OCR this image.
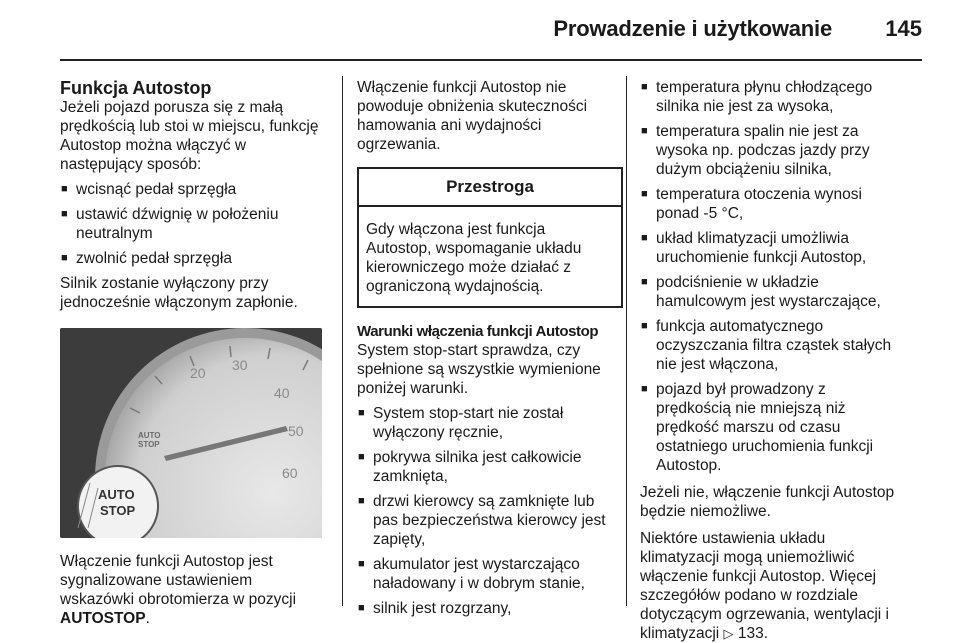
Prowadzenie i użytkowanie 145
Funkcja Autostop
Jeżeli pojazd porusza się z małą
prędkością lub stoi w miejscu, funkcję
Autostop można włączyć w
następujący sposób:
■ wcisnąć pedał sprzęgła
■ ustawić dźwignię w położeniu
neutralnym
■ zwolnić pedał sprzęgła
Silnik zostanie wyłączony przy
jednocześnie włączonym zapłonie.
20 30
40
50
60
AUTO
STOP
AUTO
STOP
Włączenie funkcji Autostop jest
sygnalizowane ustawieniem
wskazówki obrotomierza w pozycji
AUTOSTOP.
Włączenie funkcji Autostop nie
powoduje obniżenia skuteczności
hamowania ani wydajności
ogrzewania.
Przestroga
Gdy włączona jest funkcja
Autostop, wspomaganie układu
kierowniczego może działać z
ograniczoną wydajnością.
Warunki włączenia funkcji Autostop
System stop-start sprawdza, czy
spełnione są wszystkie wymienione
poniżej warunki.
■ System stop-start nie został
wyłączony ręcznie,
■ pokrywa silnika jest całkowicie
zamknięta,
■ drzwi kierowcy są zamknięte lub
pas bezpieczeństwa kierowcy jest
zapięty,
■ akumulator jest wystarczająco
naładowany i w dobrym stanie,
■ silnik jest rozgrzany,
■ temperatura płynu chłodzącego
silnika nie jest za wysoka,
■ temperatura spalin nie jest za
wysoka np. podczas jazdy przy
dużym obciążeniu silnika,
■ temperatura otoczenia wynosi
ponad -5 °C,
■ układ klimatyzacji umożliwia
uruchomienie funkcji Autostop,
■ podciśnienie w układzie
hamulcowym jest wystarczające,
■ funkcja automatycznego
oczyszczania filtra cząstek stałych
nie jest włączona,
■ pojazd był prowadzony z
prędkością nie mniejszą niż
prędkość marszu od czasu
ostatniego uruchomienia funkcji
Autostop.
Jeżeli nie, włączenie funkcji Autostop
będzie niemożliwe.
Niektóre ustawienia układu
klimatyzacji mogą uniemożliwić
włączenie funkcji Autostop. Więcej
szczegółów podano w rozdziale
dotyczącym ogrzewania, wentylacji i
klimatyzacji ▷ 133.
